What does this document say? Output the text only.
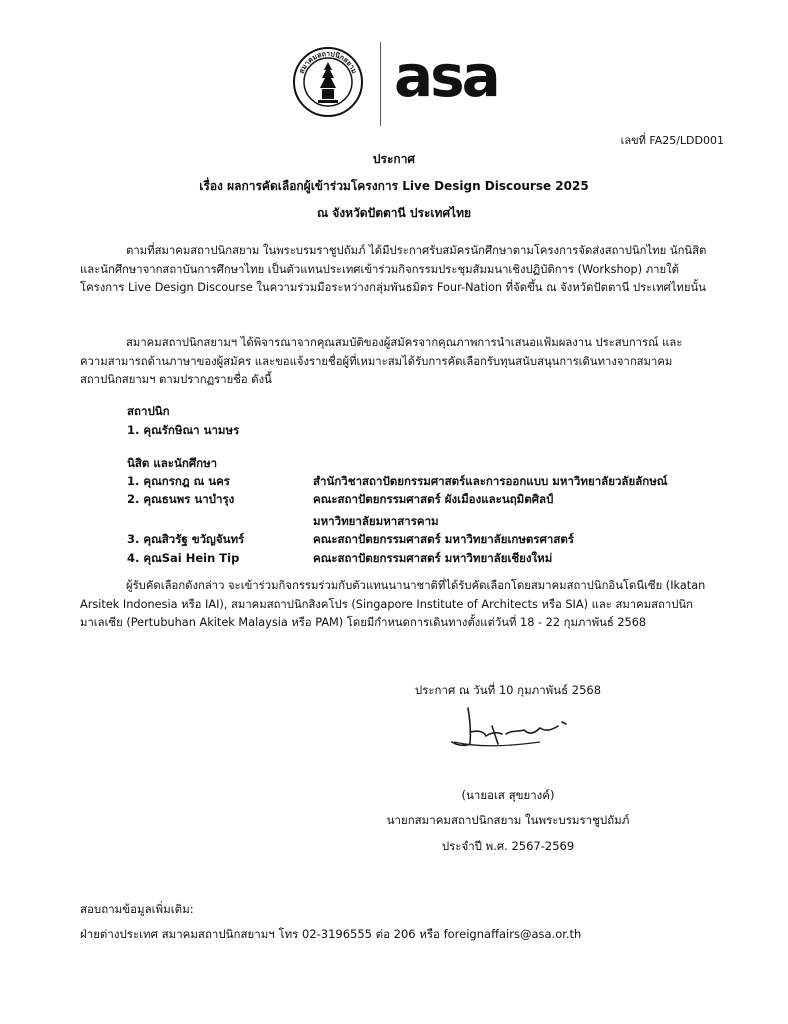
สมาคมสถาปนิกสยาม asa
เลขที่ FA25/LDD001
ประกาศ
เรื่อง ผลการคัดเลือกผู้เข้าร่วมโครงการ Live Design Discourse 2025
ณ จังหวัดปัตตานี ประเทศไทย
ตามที่สมาคมสถาปนิกสยาม ในพระบรมราชูปถัมภ์ ได้มีประกาศรับสมัครนักศึกษาตามโครงการจัดส่งสถาปนิกไทย นักนิสิตและนักศึกษาจากสถาบันการศึกษาไทย เป็นตัวแทนประเทศเข้าร่วมกิจกรรมประชุมสัมมนาเชิงปฏิบัติการ (Workshop) ภายใต้โครงการ Live Design Discourse ในความร่วมมือระหว่างกลุ่มพันธมิตร Four-Nation ที่จัดขึ้น ณ จังหวัดปัตตานี ประเทศไทยนั้น
สมาคมสถาปนิกสยามฯ ได้พิจารณาจากคุณสมบัติของผู้สมัครจากคุณภาพการนำเสนอแฟ้มผลงาน ประสบการณ์ และความสามารถด้านภาษาของผู้สมัคร และขอแจ้งรายชื่อผู้ที่เหมาะสมได้รับการคัดเลือกรับทุนสนับสนุนการเดินทางจากสมาคมสถาปนิกสยามฯ ตามปรากฏรายชื่อ ดังนี้
สถาปนิก
1. คุณรักษิณา นามษร
นิสิต และนักศึกษา
1. คุณกรกฎ ณ นคร	สำนักวิชาสถาปัตยกรรมศาสตร์และการออกแบบ มหาวิทยาลัยวลัยลักษณ์
2. คุณธนพร นาบำรุง	คณะสถาปัตยกรรมศาสตร์ ผังเมืองและนฤมิตศิลป์
มหาวิทยาลัยมหาสารคาม
3. คุณสิวรัฐ ขวัญจันทร์	คณะสถาปัตยกรรมศาสตร์ มหาวิทยาลัยเกษตรศาสตร์
4. คุณSai Hein Tip	คณะสถาปัตยกรรมศาสตร์ มหาวิทยาลัยเชียงใหม่
ผู้รับคัดเลือกดังกล่าว จะเข้าร่วมกิจกรรมร่วมกับตัวแทนนานาชาติที่ได้รับคัดเลือกโดยสมาคมสถาปนิกอินโดนีเซีย (Ikatan Arsitek Indonesia หรือ IAI), สมาคมสถาปนิกสิงคโปร (Singapore Institute of Architects หรือ SIA) และ สมาคมสถาปนิกมาเลเซีย (Pertubuhan Akitek Malaysia หรือ PAM) โดยมีกำหนดการเดินทางตั้งแต่วันที่ 18 - 22 กุมภาพันธ์ 2568
ประกาศ ณ วันที่ 10 กุมภาพันธ์ 2568
(นายอเส สุขยางค์)
นายกสมาคมสถาปนิกสยาม ในพระบรมราชูปถัมภ์
ประจำปี พ.ศ. 2567-2569
สอบถามข้อมูลเพิ่มเติม:
ฝ่ายต่างประเทศ สมาคมสถาปนิกสยามฯ โทร 02-3196555 ต่อ 206 หรือ foreignaffairs@asa.or.th
